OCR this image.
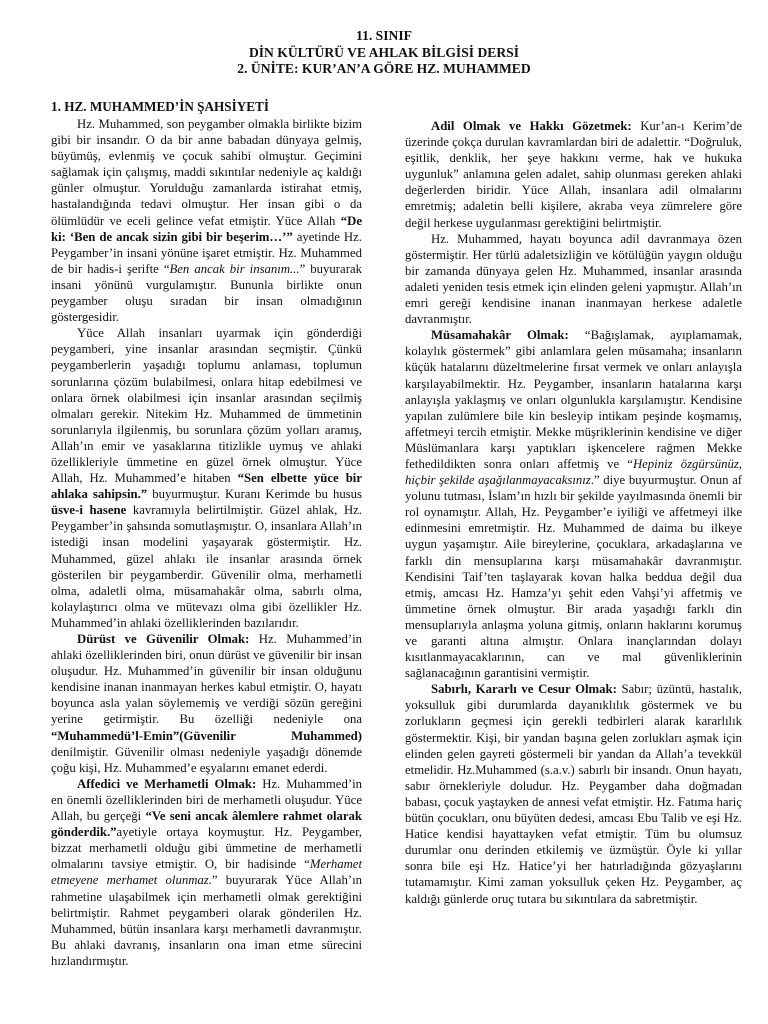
11. SINIF
DİN KÜLTÜRÜ VE AHLAK BİLGİSİ DERSİ
2. ÜNİTE: KUR’AN’A GÖRE HZ. MUHAMMED
1. HZ. MUHAMMED’İN ŞAHSİYETİ

Hz. Muhammed, son peygamber olmakla birlikte bizim gibi bir insandır. O da bir anne babadan dünyaya gelmiş, büyümüş, evlenmiş ve çocuk sahibi olmuştur. Geçimini sağlamak için çalışmış, maddi sıkıntılar nedeniyle aç kaldığı günler olmuştur. Yorulduğu zamanlarda istirahat etmiş, hastalandığında tedavi olmuştur. Her insan gibi o da ölümlüdür ve eceli gelince vefat etmiştir. Yüce Allah “De ki: ‘Ben de ancak sizin gibi bir beşerim…’” ayetinde Hz. Peygamber’in insani yönüne işaret etmiştir. Hz. Muhammed de bir hadis-i şerifte “Ben ancak bir insanım...” buyurarak insani yönünü vurgulamıştır. Bununla birlikte onun peygamber oluşu sıradan bir insan olmadığının göstergesidir.

Yüce Allah insanları uyarmak için gönderdiği peygamberi, yine insanlar arasından seçmiştir. Çünkü peygamberlerin yaşadığı toplumu anlaması, toplumun sorunlarına çözüm bulabilmesi, onlara hitap edebilmesi ve onlara örnek olabilmesi için insanlar arasından seçilmiş olmaları gerekir. Nitekim Hz. Muhammed de ümmetinin sorunlarıyla ilgilenmiş, bu sorunlara çözüm yolları aramış, Allah’ın emir ve yasaklarına titizlikle uymuş ve ahlaki özellikleriyle ümmetine en güzel örnek olmuştur. Yüce Allah, Hz. Muhammed’e hitaben “Sen elbette yüce bir ahlaka sahipsin.” buyurmuştur. Kuranı Kerimde bu husus üsve-i hasene kavramıyla belirtilmiştir. Güzel ahlak, Hz. Peygamber’in şahsında somutlaşmıştır. O, insanlara Allah’ın istediği insan modelini yaşayarak göstermiştir. Hz. Muhammed, güzel ahlakı ile insanlar arasında örnek gösterilen bir peygamberdir. Güvenilir olma, merhametli olma, adaletli olma, müsamahakâr olma, sabırlı olma, kolaylaştırıcı olma ve mütevazı olma gibi özellikler Hz. Muhammed’in ahlaki özelliklerinden bazılarıdır.

Dürüst ve Güvenilir Olmak: Hz. Muhammed’in ahlaki özelliklerinden biri, onun dürüst ve güvenilir bir insan oluşudur. Hz. Muhammed’in güvenilir bir insan olduğunu kendisine inanan inanmayan herkes kabul etmiştir. O, hayatı boyunca asla yalan söylememiş ve verdiği sözün gereğini yerine getirmiştir. Bu özelliği nedeniyle ona “Muhammedü’l-Emin”(Güvenilir Muhammed) denilmiştir. Güvenilir olması nedeniyle yaşadığı dönemde çoğu kişi, Hz. Muhammed’e eşyalarını emanet ederdi.

Affedici ve Merhametli Olmak: Hz. Muhammed’in en önemli özelliklerinden biri de merhametli oluşudur. Yüce Allah, bu gerçeği “Ve seni ancak âlemlere rahmet olarak gönderdik.”ayetiyle ortaya koymuştur. Hz. Peygamber, bizzat merhametli olduğu gibi ümmetine de merhametli olmalarını tavsiye etmiştir. O, bir hadisinde “Merhamet etmeyene merhamet olunmaz.” buyurarak Yüce Allah’ın rahmetine ulaşabilmek için merhametli olmak gerektiğini belirtmiştir. Rahmet peygamberi olarak gönderilen Hz. Muhammed, bütün insanlara karşı merhametli davranmıştır. Bu ahlaki davranış, insanların ona iman etme sürecini hızlandırmıştır.

Adil Olmak ve Hakkı Gözetmek: Kur’an-ı Kerim’de üzerinde çokça durulan kavramlardan biri de adalettir. “Doğruluk, eşitlik, denklik, her şeye hakkını verme, hak ve hukuka uygunluk” anlamına gelen adalet, sahip olunması gereken ahlaki değerlerden biridir. Yüce Allah, insanlara adil olmalarını emretmiş; adaletin belli kişilere, akraba veya zümrelere göre değil herkese uygulanması gerektiğini belirtmiştir.

Hz. Muhammed, hayatı boyunca adil davranmaya özen göstermiştir. Her türlü adaletsizliğin ve kötülüğün yaygın olduğu bir zamanda dünyaya gelen Hz. Muhammed, insanlar arasında adaleti yeniden tesis etmek için elinden geleni yapmıştır. Allah’ın emri gereği kendisine inanan inanmayan herkese adaletle davranmıştır.

Müsamahakâr Olmak: “Bağışlamak, ayıplamamak, kolaylık göstermek” gibi anlamlara gelen müsamaha; insanların küçük hatalarını düzeltmelerine fırsat vermek ve onları anlayışla karşılayabilmektir. Hz. Peygamber, insanların hatalarına karşı anlayışla yaklaşmış ve onları olgunlukla karşılamıştır. Kendisine yapılan zulümlere bile kin besleyip intikam peşinde koşmamış, affetmeyi tercih etmiştir. Mekke müşriklerinin kendisine ve diğer Müslümanlara karşı yaptıkları işkencelere rağmen Mekke fethedildikten sonra onları affetmiş ve “Hepiniz özgürsünüz, hiçbir şekilde aşağılanmayacaksınız.” diye buyurmuştur. Onun af yolunu tutması, İslam’ın hızlı bir şekilde yayılmasında önemli bir rol oynamıştır. Allah, Hz. Peygamber’e iyiliği ve affetmeyi ilke edinmesini emretmiştir. Hz. Muhammed de daima bu ilkeye uygun yaşamıştır. Aile bireylerine, çocuklara, arkadaşlarına ve farklı din mensuplarına karşı müsamahakâr davranmıştır. Kendisini Taif’ten taşlayarak kovan halka beddua değil dua etmiş, amcası Hz. Hamza’yı şehit eden Vahşi’yi affetmiş ve ümmetine örnek olmuştur. Bir arada yaşadığı farklı din mensuplarıyla anlaşma yoluna gitmiş, onların haklarını korumuş ve garanti altına almıştır. Onlara inançlarından dolayı kısıtlanmayacaklarının, can ve mal güvenliklerinin sağlanacağının garantisini vermiştir.

Sabırlı, Kararlı ve Cesur Olmak: Sabır; üzüntü, hastalık, yoksulluk gibi durumlarda dayanıklılık göstermek ve bu zorlukların geçmesi için gerekli tedbirleri alarak kararlılık göstermektir. Kişi, bir yandan başına gelen zorlukları aşmak için elinden gelen gayreti göstermeli bir yandan da Allah’a tevekkül etmelidir. Hz.Muhammed (s.a.v.) sabırlı bir insandı. Onun hayatı, sabır örnekleriyle doludur. Hz. Peygamber daha doğmadan babası, çocuk yaştayken de annesi vefat etmiştir. Hz. Fatıma hariç bütün çocukları, onu büyüten dedesi, amcası Ebu Talib ve eşi Hz. Hatice kendisi hayattayken vefat etmiştir. Tüm bu olumsuz durumlar onu derinden etkilemiş ve üzmüştür. Öyle ki yıllar sonra bile eşi Hz. Hatice’yi her hatırladığında gözyaşlarını tutamamıştır. Kimi zaman yoksulluk çeken Hz. Peygamber, aç kaldığı günlerde oruç tutara bu sıkıntılara da sabretmiştir.
